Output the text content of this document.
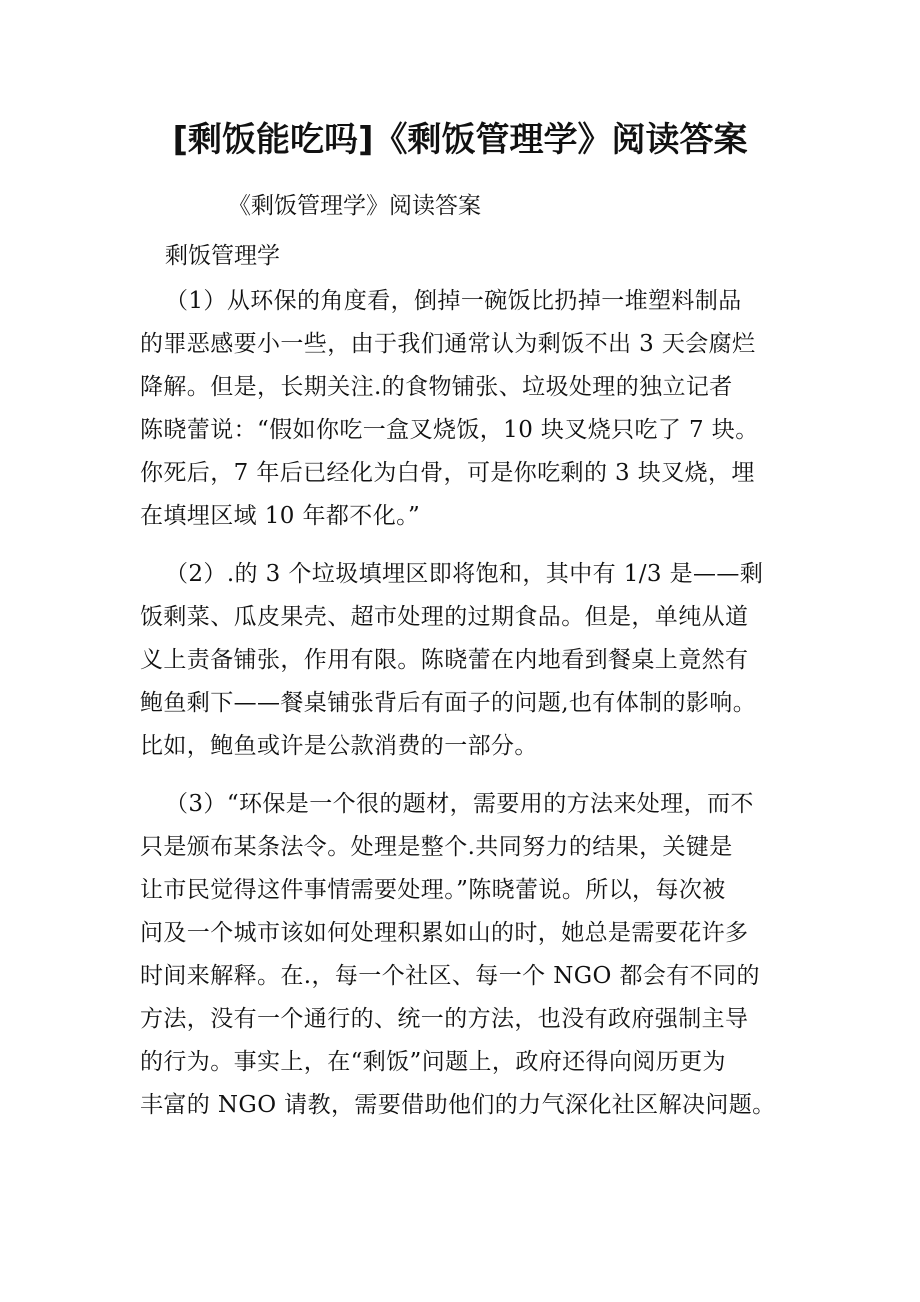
[剩饭能吃吗]《剩饭管理学》阅读答案

《剩饭管理学》阅读答案

剩饭管理学

（1）从环保的角度看，倒掉一碗饭比扔掉一堆塑料制品
的罪恶感要小一些，由于我们通常认为剩饭不出 3 天会腐烂
降解。但是，长期关注.的食物铺张、垃圾处理的独立记者
陈晓蕾说：“假如你吃一盒叉烧饭，10 块叉烧只吃了 7 块。
你死后，7 年后已经化为白骨，可是你吃剩的 3 块叉烧，埋
在填埋区域 10 年都不化。”
（2）.的 3 个垃圾填埋区即将饱和，其中有 1/3 是——剩
饭剩菜、瓜皮果壳、超市处理的过期食品。但是，单纯从道
义上责备铺张，作用有限。陈晓蕾在内地看到餐桌上竟然有
鲍鱼剩下——餐桌铺张背后有面子的问题,也有体制的影响。
比如，鲍鱼或许是公款消费的一部分。
（3）“环保是一个很的题材，需要用的方法来处理，而不
只是颁布某条法令。处理是整个.共同努力的结果，关键是
让市民觉得这件事情需要处理。”陈晓蕾说。所以，每次被
问及一个城市该如何处理积累如山的时，她总是需要花许多
时间来解释。在.，每一个社区、每一个 NGO 都会有不同的
方法，没有一个通行的、统一的方法，也没有政府强制主导
的行为。事实上，在“剩饭”问题上，政府还得向阅历更为
丰富的 NGO 请教，需要借助他们的力气深化社区解决问题。
